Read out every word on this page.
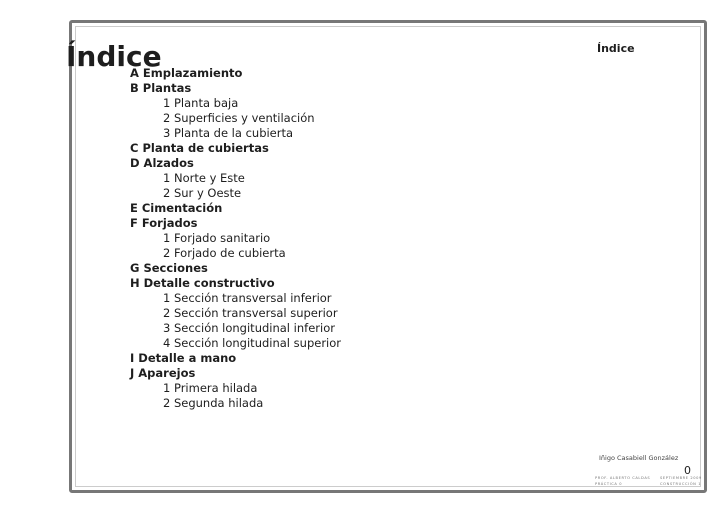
Índice	Índice
A Emplazamiento
B Plantas
1 Planta baja
2 Superficies y ventilación
3 Planta de la cubierta
C Planta de cubiertas
D Alzados
1 Norte y Este
2 Sur y Oeste
E Cimentación
F Forjados
1 Forjado sanitario
2 Forjado de cubierta
G Secciones
H Detalle constructivo
1 Sección transversal inferior
2 Sección transversal superior
3 Sección longitudinal inferior
4 Sección longitudinal superior
I Detalle a mano
J Aparejos
1 Primera hilada
2 Segunda hilada
Iñigo Casabiell González
PROF. ALBERTO CALDAS
PRÁCTICA 0

SEPTIEMBRE 2009
CONSTRUCCIÓN 1
0
